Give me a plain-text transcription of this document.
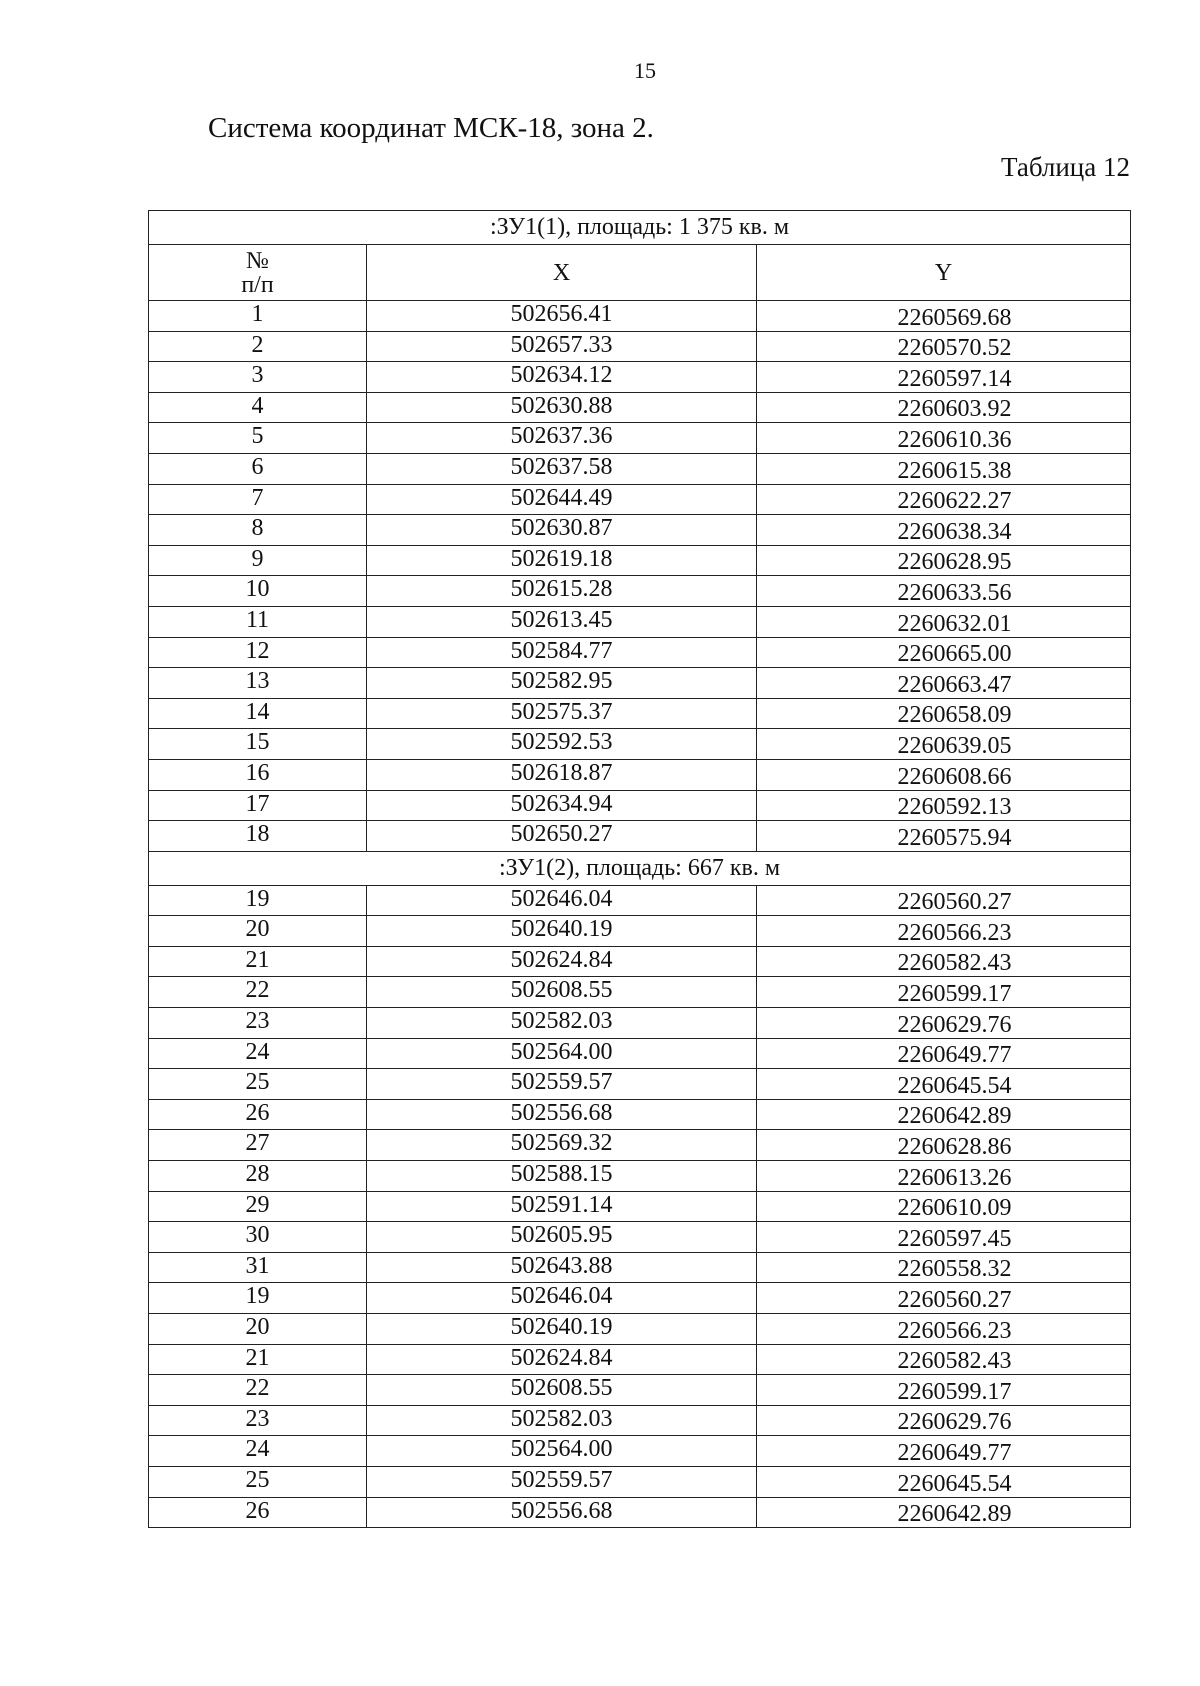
15
Система координат МСК-18, зона 2.
Таблица 12
:ЗУ1(1), площадь: 1 375 кв. м		
№
п/п	X	Y
1	502656.41	2260569.68
2	502657.33	2260570.52
3	502634.12	2260597.14
4	502630.88	2260603.92
5	502637.36	2260610.36
6	502637.58	2260615.38
7	502644.49	2260622.27
8	502630.87	2260638.34
9	502619.18	2260628.95
10	502615.28	2260633.56
11	502613.45	2260632.01
12	502584.77	2260665.00
13	502582.95	2260663.47
14	502575.37	2260658.09
15	502592.53	2260639.05
16	502618.87	2260608.66
17	502634.94	2260592.13
18	502650.27	2260575.94
:ЗУ1(2), площадь: 667 кв. м		
19	502646.04	2260560.27
20	502640.19	2260566.23
21	502624.84	2260582.43
22	502608.55	2260599.17
23	502582.03	2260629.76
24	502564.00	2260649.77
25	502559.57	2260645.54
26	502556.68	2260642.89
27	502569.32	2260628.86
28	502588.15	2260613.26
29	502591.14	2260610.09
30	502605.95	2260597.45
31	502643.88	2260558.32
19	502646.04	2260560.27
20	502640.19	2260566.23
21	502624.84	2260582.43
22	502608.55	2260599.17
23	502582.03	2260629.76
24	502564.00	2260649.77
25	502559.57	2260645.54
26	502556.68	2260642.89
